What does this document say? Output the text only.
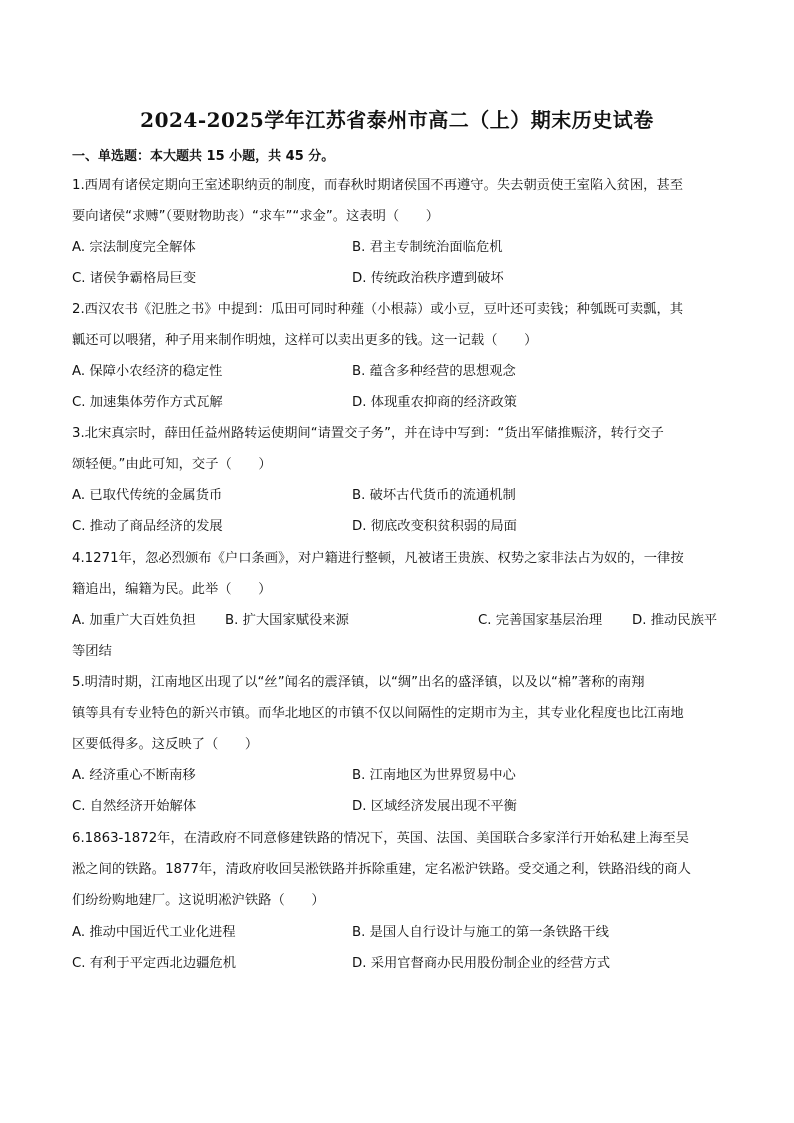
2024-2025学年江苏省泰州市高二（上）期末历史试卷
一、单选题：本大题共 15 小题，共 45 分。
1.西周有诸侯定期向王室述职纳贡的制度，而春秋时期诸侯国不再遵守。失去朝贡使王室陷入贫困，甚至
要向诸侯“求赙”（要财物助丧）“求车”“求金”。这表明（　　）
A. 宗法制度完全解体	B. 君主专制统治面临危机
C. 诸侯争霸格局巨变	D. 传统政治秩序遭到破坏
2.西汉农书《氾胜之书》中提到：瓜田可同时种薤（小根蒜）或小豆，豆叶还可卖钱；种瓠既可卖瓢，其
瓤还可以喂猪，种子用来制作明烛，这样可以卖出更多的钱。这一记载（　　）
A. 保障小农经济的稳定性	B. 蕴含多种经营的思想观念
C. 加速集体劳作方式瓦解	D. 体现重农抑商的经济政策
3.北宋真宗时，薛田任益州路转运使期间“请置交子务”，并在诗中写到：“货出军储推赈济，转行交子
颂轻便。”由此可知，交子（　　）
A. 已取代传统的金属货币	B. 破坏古代货币的流通机制
C. 推动了商品经济的发展	D. 彻底改变积贫积弱的局面
4.1271年，忽必烈颁布《户口条画》，对户籍进行整顿，凡被诸王贵族、权势之家非法占为奴的，一律按
籍追出，编籍为民。此举（　　）
A. 加重广大百姓负担 B. 扩大国家赋役来源	C. 完善国家基层治理 D. 推动民族平
等团结
5.明清时期，江南地区出现了以“丝”闻名的震泽镇，以“绸”出名的盛泽镇，以及以“棉”著称的南翔
镇等具有专业特色的新兴市镇。而华北地区的市镇不仅以间隔性的定期市为主，其专业化程度也比江南地
区要低得多。这反映了（　　）
A. 经济重心不断南移	B. 江南地区为世界贸易中心
C. 自然经济开始解体	D. 区域经济发展出现不平衡
6.1863-1872年，在清政府不同意修建铁路的情况下，英国、法国、美国联合多家洋行开始私建上海至吴
淞之间的铁路。1877年，清政府收回吴淞铁路并拆除重建，定名凇沪铁路。受交通之利，铁路沿线的商人
们纷纷购地建厂。这说明凇沪铁路（　　）
A. 推动中国近代工业化进程	B. 是国人自行设计与施工的第一条铁路干线
C. 有利于平定西北边疆危机	D. 采用官督商办民用股份制企业的经营方式
